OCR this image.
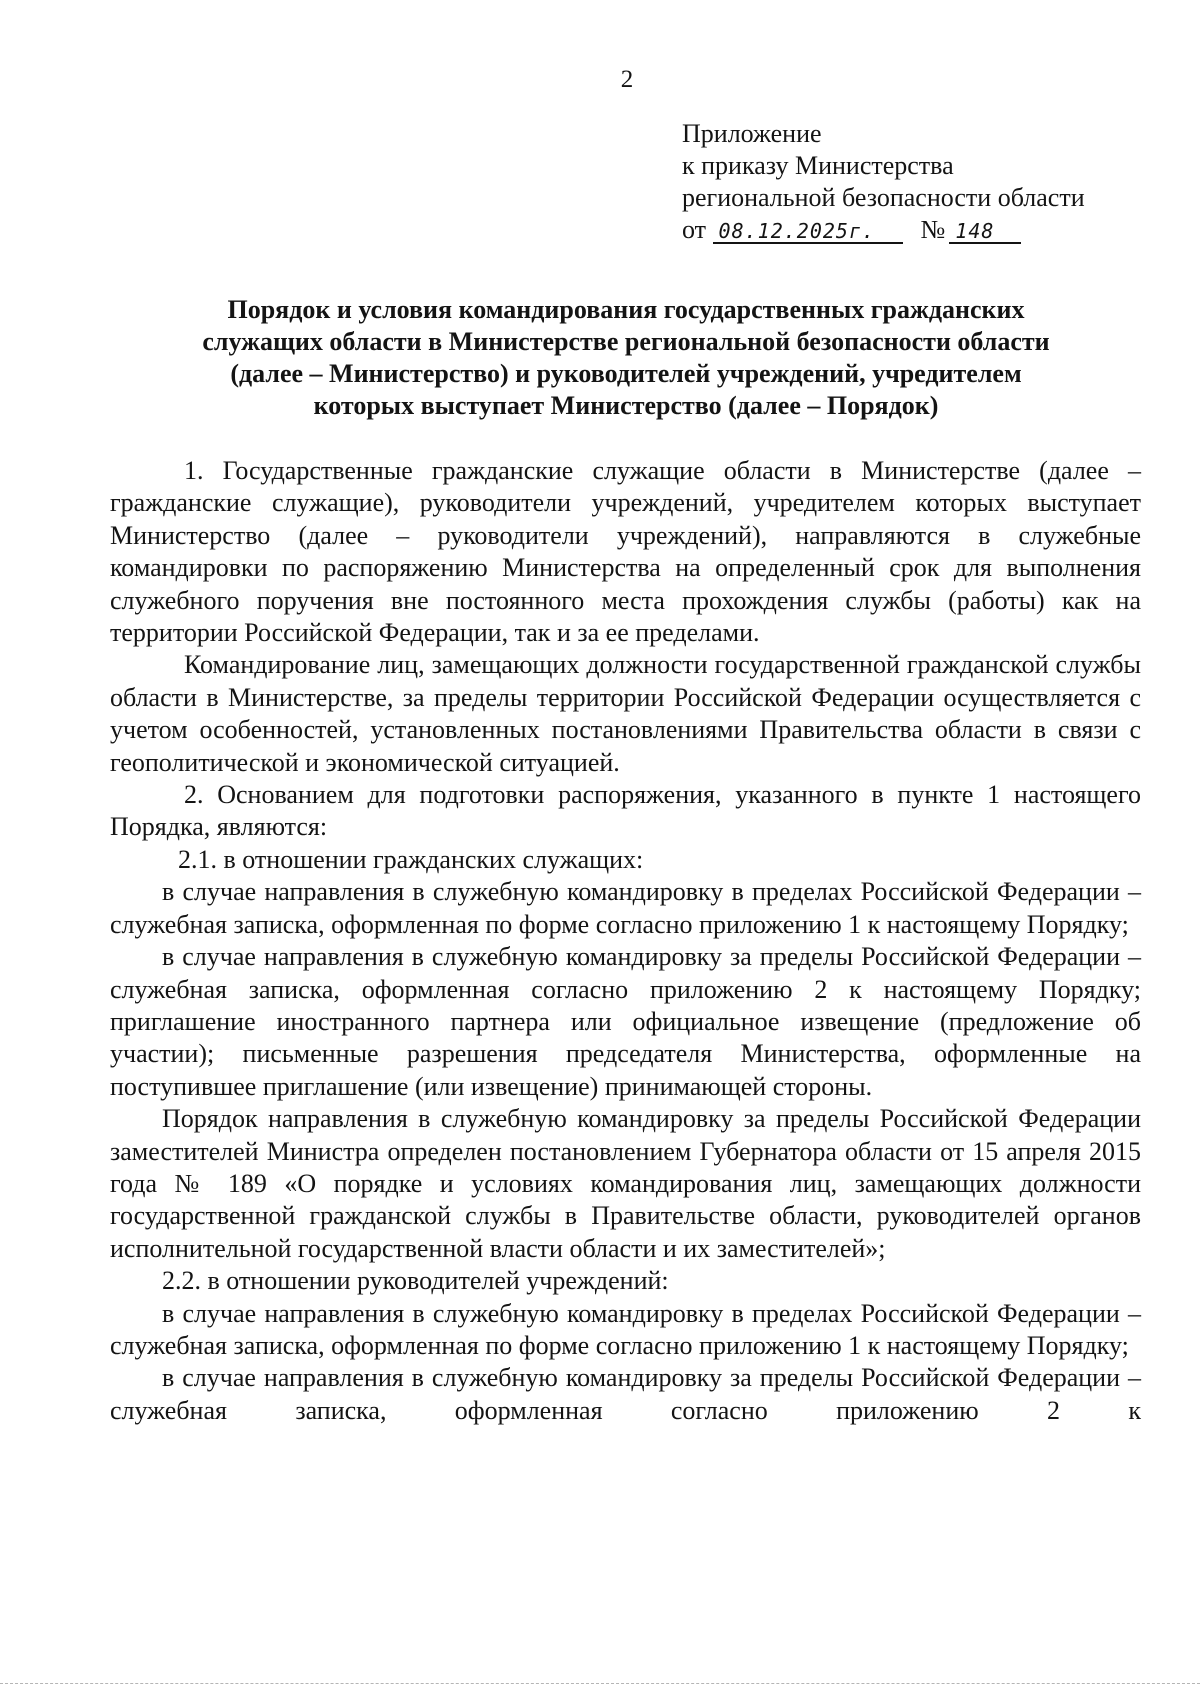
2
Приложение
к приказу Министерства
региональной безопасности области
от 08.12.2025г. № 148
Порядок и условия командирования государственных гражданских
служащих области в Министерстве региональной безопасности области
(далее – Министерство) и руководителей учреждений, учредителем
которых выступает Министерство (далее – Порядок)

1. Государственные гражданские служащие области в Министерстве (далее – гражданские служащие), руководители учреждений, учредителем которых выступает Министерство (далее – руководители учреждений), направляются в служебные командировки по распоряжению Министерства на определенный срок для выполнения служебного поручения вне постоянного места прохождения службы (работы) как на территории Российской Федерации, так и за ее пределами.

Командирование лиц, замещающих должности государственной гражданской службы области в Министерстве, за пределы территории Российской Федерации осуществляется с учетом особенностей, установленных постановлениями Правительства области в связи с геополитической и экономической ситуацией.

2. Основанием для подготовки распоряжения, указанного в пункте 1 настоящего Порядка, являются:

2.1. в отношении гражданских служащих:

в случае направления в служебную командировку в пределах Российской Федерации – служебная записка, оформленная по форме согласно приложению 1 к настоящему Порядку;

в случае направления в служебную командировку за пределы Российской Федерации – служебная записка, оформленная согласно приложению 2 к настоящему Порядку; приглашение иностранного партнера или официальное извещение (предложение об участии); письменные разрешения председателя Министерства, оформленные на поступившее приглашение (или извещение) принимающей стороны.

Порядок направления в служебную командировку за пределы Российской Федерации заместителей Министра определен постановлением Губернатора области от 15 апреля 2015 года № 189 «О порядке и условиях командирования лиц, замещающих должности государственной гражданской службы в Правительстве области, руководителей органов исполнительной государственной власти области и их заместителей»;

2.2. в отношении руководителей учреждений:

в случае направления в служебную командировку в пределах Российской Федерации – служебная записка, оформленная по форме согласно приложению 1 к настоящему Порядку;

в случае направления в служебную командировку за пределы Российской Федерации – служебная записка, оформленная согласно приложению 2 к
